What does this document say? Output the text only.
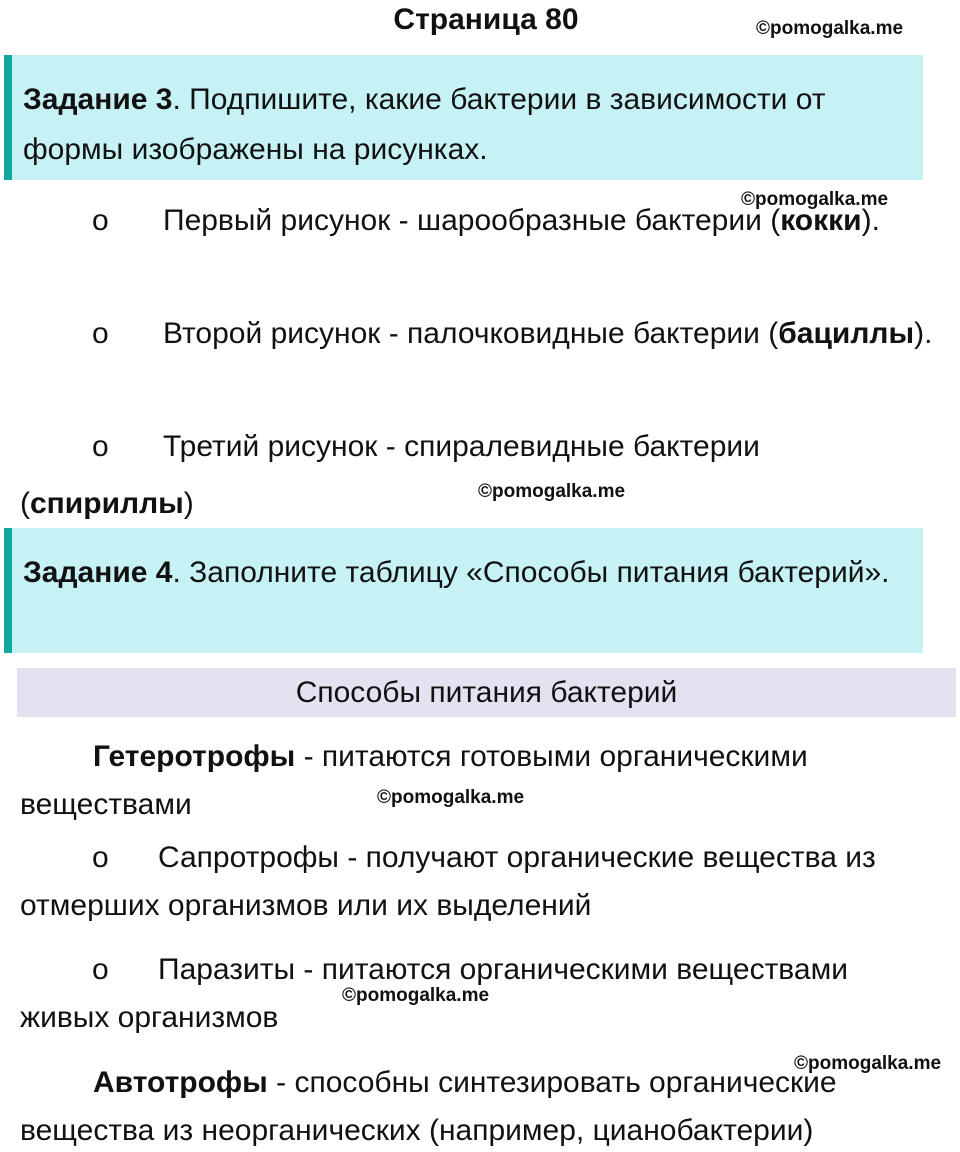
Страница 80	©pomogalka.me
©pomogalka.me
©pomogalka.me
©pomogalka.me
©pomogalka.me
©pomogalka.me
Задание 3. Подпишите, какие бактерии в зависимости от формы изображены на рисунках.
o Первый рисунок - шарообразные бактерии (кокки).
o Второй рисунок - палочковидные бактерии (бациллы).
o Третий рисунок - спиралевидные бактерии (спириллы)
Задание 4. Заполните таблицу «Способы питания бактерий».
Способы питания бактерий
Гетеротрофы - питаются готовыми органическими веществами
o Сапротрофы - получают органические вещества из отмерших организмов или их выделений
o Паразиты - питаются органическими веществами живых организмов
Автотрофы - способны синтезировать органические вещества из неорганических (например, цианобактерии)
